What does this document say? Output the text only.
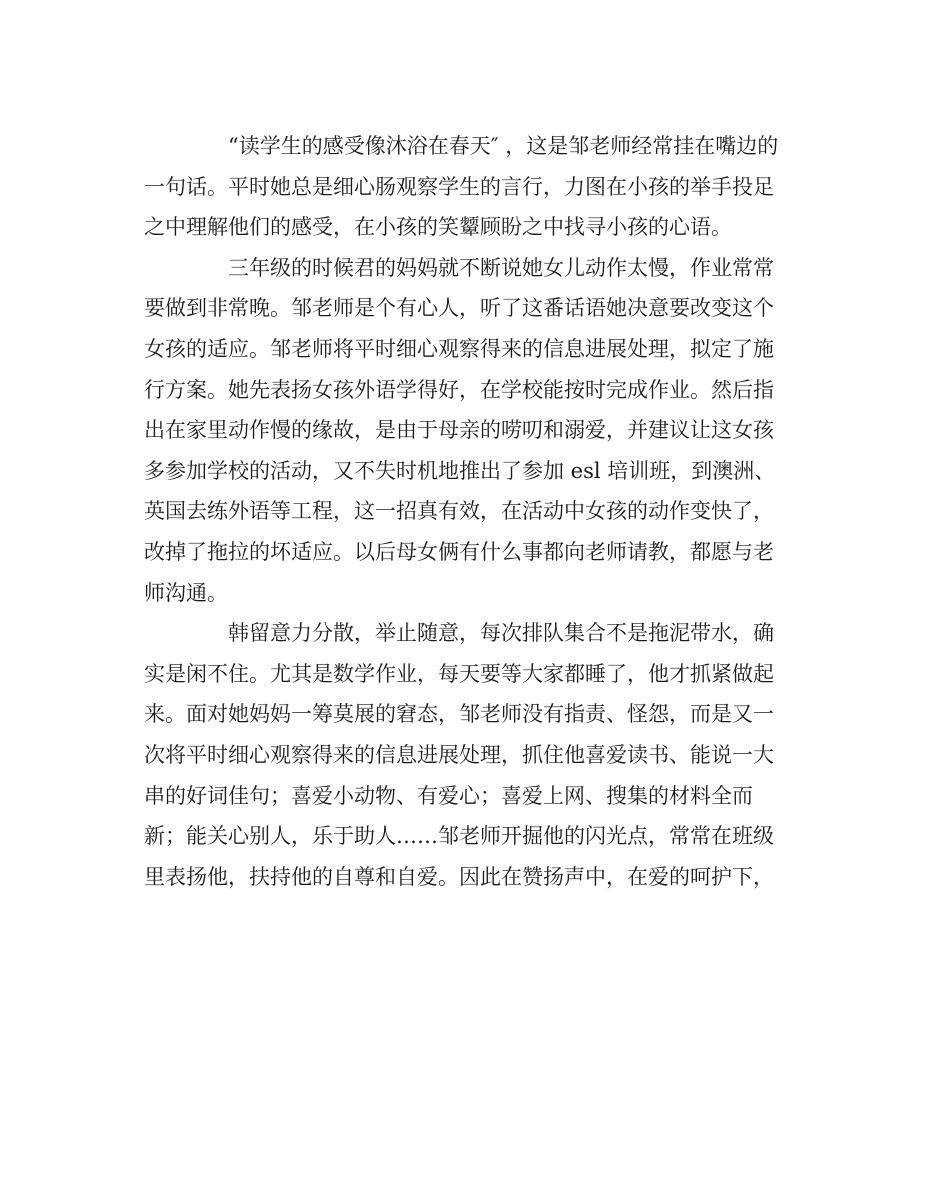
“读学生的感受像沐浴在春天″ ，这是邹老师经常挂在嘴边的
一句话。平时她总是细心肠观察学生的言行，力图在小孩的举手投足
之中理解他们的感受，在小孩的笑颦顾盼之中找寻小孩的心语。
三年级的时候君的妈妈就不断说她女儿动作太慢，作业常常
要做到非常晚。邹老师是个有心人，听了这番话语她决意要改变这个
女孩的适应。邹老师将平时细心观察得来的信息进展处理，拟定了施
行方案。她先表扬女孩外语学得好，在学校能按时完成作业。然后指
出在家里动作慢的缘故，是由于母亲的唠叨和溺爱，并建议让这女孩
多参加学校的活动，又不失时机地推出了参加 esl 培训班，到澳洲、
英国去练外语等工程，这一招真有效，在活动中女孩的动作变快了，
改掉了拖拉的坏适应。以后母女俩有什么事都向老师请教，都愿与老
师沟通。
韩留意力分散，举止随意，每次排队集合不是拖泥带水，确
实是闲不住。尤其是数学作业，每天要等大家都睡了，他才抓紧做起
来。面对她妈妈一筹莫展的窘态，邹老师没有指责、怪怨，而是又一
次将平时细心观察得来的信息进展处理，抓住他喜爱读书、能说一大
串的好词佳句；喜爱小动物、有爱心；喜爱上网、搜集的材料全而
新；能关心别人，乐于助人……邹老师开掘他的闪光点，常常在班级
里表扬他，扶持他的自尊和自爱。因此在赞扬声中，在爱的呵护下，
